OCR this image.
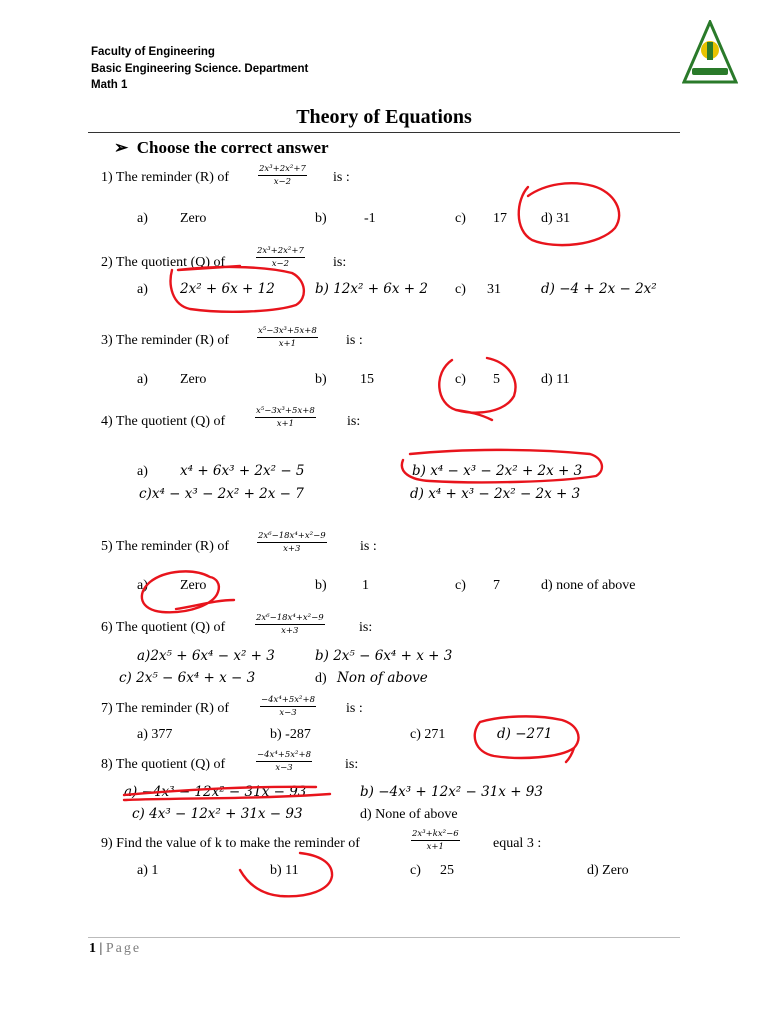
Faculty of Engineering
Basic Engineering Science. Department
Math 1
Theory of Equations
➢ Choose the correct answer
1) The reminder (R) of	$\frac{\text{2x³+2x²+7}}{x-2}$ is :
a) Zero	b)	-1	c) 17 d) 31
2) The quotient (Q) of	$\frac{\text{2x³+2x²+7}}{x-2}$ is:
a) 2x² + 6x + 12	b) 12x² + 6x + 2 c) 31	d) −4 + 2x − 2x²
3) The reminder (R) of	$\frac{\text{x⁵−3x³+5x+8}}{x+1}$ is :
a) Zero	b) 15	c) 5	d) 11
4) The quotient (Q) of	$\frac{\text{x⁵−3x³+5x+8}}{x+1}$ is:
a) x⁴ + 6x³ + 2x² − 5	b) x⁴ − x³ − 2x² + 2x + 3
c)x⁴ − x³ − 2x² + 2x − 7	d) x⁴ + x³ − 2x² − 2x + 3
5) The reminder (R) of	$\frac{\text{2x⁶−18x⁴+x²−9}}{x+3}$ is :
a) Zero	b)	1	c) 7	d) none of above
6) The quotient (Q) of	$\frac{\text{2x⁶−18x⁴+x²−9}}{x+3}$ is:
a)2x⁵ + 6x⁴ − x² + 3	b) 2x⁵ − 6x⁴ + x + 3
c) 2x⁵ − 6x⁴ + x − 3	d) Non of above
7) The reminder (R) of	$\frac{\text{−4x⁴+5x²+8}}{x-3}$ is :
a) 377	b) -287	c) 271	d) −271
8) The quotient (Q) of	$\frac{\text{−4x⁴+5x²+8}}{x-3}$ is:
a) −4x³ − 12x² − 31x − 93	b) −4x³ + 12x² − 31x + 93
c) 4x³ − 12x² + 31x − 93	d) None of above
9) Find the value of k to make the reminder of	$\frac{\text{2x³+kx²−6}}{x+1}$ equal 3 :
a) 1	b) 11	c) 25	d) Zero
1 | Page
